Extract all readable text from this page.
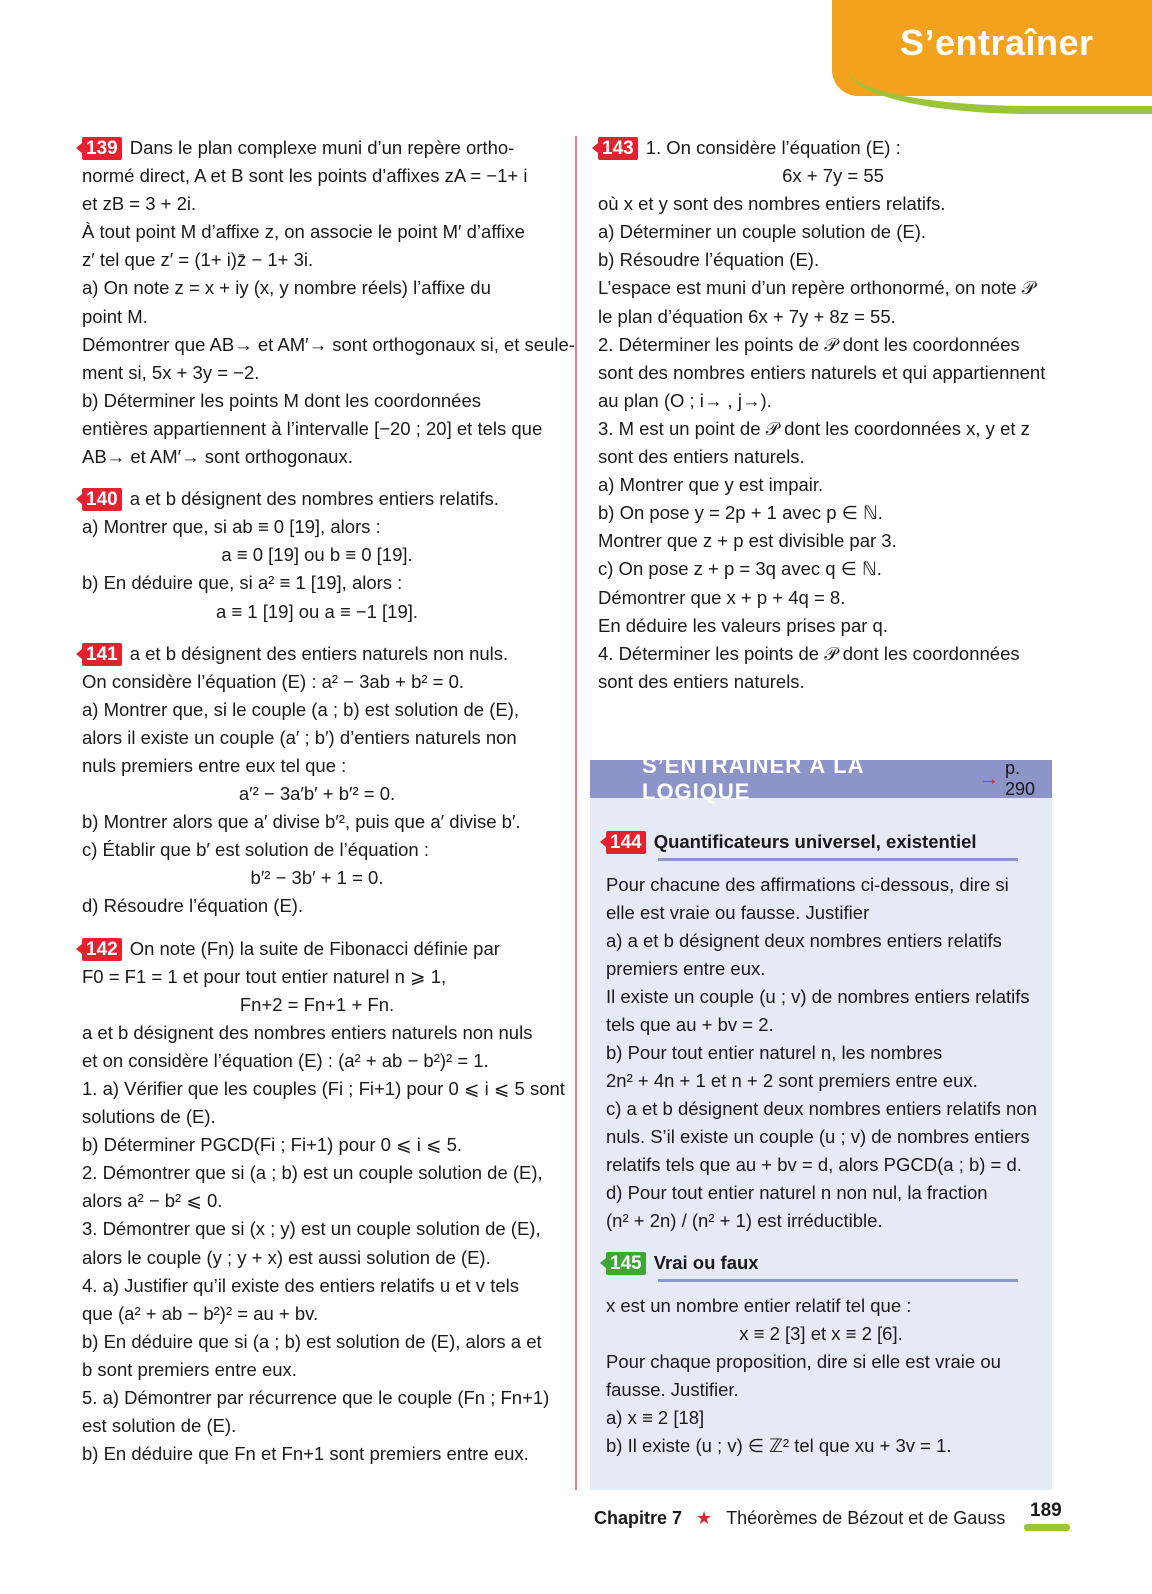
S’entraîner
139 Dans le plan complexe muni d’un repère ortho-
normé direct, A et B sont les points d’affixes zA = −1+ i
et zB = 3 + 2i.
À tout point M d’affixe z, on associe le point M′ d’affixe
z′ tel que z′ = (1+ i)z̄ − 1+ 3i.
a) On note z = x + iy (x, y nombre réels) l’affixe du
point M.
Démontrer que AB→ et AM′→ sont orthogonaux si, et seule-
ment si, 5x + 3y = −2.
b) Déterminer les points M dont les coordonnées
entières appartiennent à l’intervalle [−20 ; 20] et tels que
AB→ et AM′→ sont orthogonaux.
140 a et b désignent des nombres entiers relatifs.
a) Montrer que, si ab ≡ 0 [19], alors :
a ≡ 0 [19] ou b ≡ 0 [19].
b) En déduire que, si a² ≡ 1 [19], alors :
a ≡ 1 [19] ou a ≡ −1 [19].
141 a et b désignent des entiers naturels non nuls.
On considère l’équation (E) : a² − 3ab + b² = 0.
a) Montrer que, si le couple (a ; b) est solution de (E),
alors il existe un couple (a′ ; b′) d’entiers naturels non
nuls premiers entre eux tel que :
a′² − 3a′b′ + b′² = 0.
b) Montrer alors que a′ divise b′², puis que a′ divise b′.
c) Établir que b′ est solution de l’équation :
b′² − 3b′ + 1 = 0.
d) Résoudre l’équation (E).
142 On note (Fn) la suite de Fibonacci définie par
F0 = F1 = 1 et pour tout entier naturel n ⩾ 1,
Fn+2 = Fn+1 + Fn.
a et b désignent des nombres entiers naturels non nuls
et on considère l’équation (E) : (a² + ab − b²)² = 1.
1. a) Vérifier que les couples (Fi ; Fi+1) pour 0 ⩽ i ⩽ 5 sont
solutions de (E).
b) Déterminer PGCD(Fi ; Fi+1) pour 0 ⩽ i ⩽ 5.
2. Démontrer que si (a ; b) est un couple solution de (E),
alors a² − b² ⩽ 0.
3. Démontrer que si (x ; y) est un couple solution de (E),
alors le couple (y ; y + x) est aussi solution de (E).
4. a) Justifier qu’il existe des entiers relatifs u et v tels
que (a² + ab − b²)² = au + bv.
b) En déduire que si (a ; b) est solution de (E), alors a et
b sont premiers entre eux.
5. a) Démontrer par récurrence que le couple (Fn ; Fn+1)
est solution de (E).
b) En déduire que Fn et Fn+1 sont premiers entre eux.
143 1. On considère l’équation (E) :
6x + 7y = 55
où x et y sont des nombres entiers relatifs.
a) Déterminer un couple solution de (E).
b) Résoudre l’équation (E).
L’espace est muni d’un repère orthonormé, on note 𝒫
le plan d’équation 6x + 7y + 8z = 55.
2. Déterminer les points de 𝒫 dont les coordonnées
sont des nombres entiers naturels et qui appartiennent
au plan (O ; i→ , j→).
3. M est un point de 𝒫 dont les coordonnées x, y et z
sont des entiers naturels.
a) Montrer que y est impair.
b) On pose y = 2p + 1 avec p ∈ ℕ.
Montrer que z + p est divisible par 3.
c) On pose z + p = 3q avec q ∈ ℕ.
Démontrer que x + p + 4q = 8.
En déduire les valeurs prises par q.
4. Déterminer les points de 𝒫 dont les coordonnées
sont des entiers naturels.
S’ENTRAÎNER À LA LOGIQUE
→ p. 290
144 Quantificateurs universel, existentiel
Pour chacune des affirmations ci-dessous, dire si
elle est vraie ou fausse. Justifier
a) a et b désignent deux nombres entiers relatifs
premiers entre eux.
Il existe un couple (u ; v) de nombres entiers relatifs
tels que au + bv = 2.
b) Pour tout entier naturel n, les nombres
2n² + 4n + 1 et n + 2 sont premiers entre eux.
c) a et b désignent deux nombres entiers relatifs non
nuls. S’il existe un couple (u ; v) de nombres entiers
relatifs tels que au + bv = d, alors PGCD(a ; b) = d.
d) Pour tout entier naturel n non nul, la fraction
(n² + 2n) / (n² + 1) est irréductible.
145 Vrai ou faux
x est un nombre entier relatif tel que :
x ≡ 2 [3] et x ≡ 2 [6].
Pour chaque proposition, dire si elle est vraie ou
fausse. Justifier.
a) x ≡ 2 [18]
b) Il existe (u ; v) ∈ ℤ² tel que xu + 3v = 1.
Chapitre 7 ★ Théorèmes de Bézout et de Gauss 189
